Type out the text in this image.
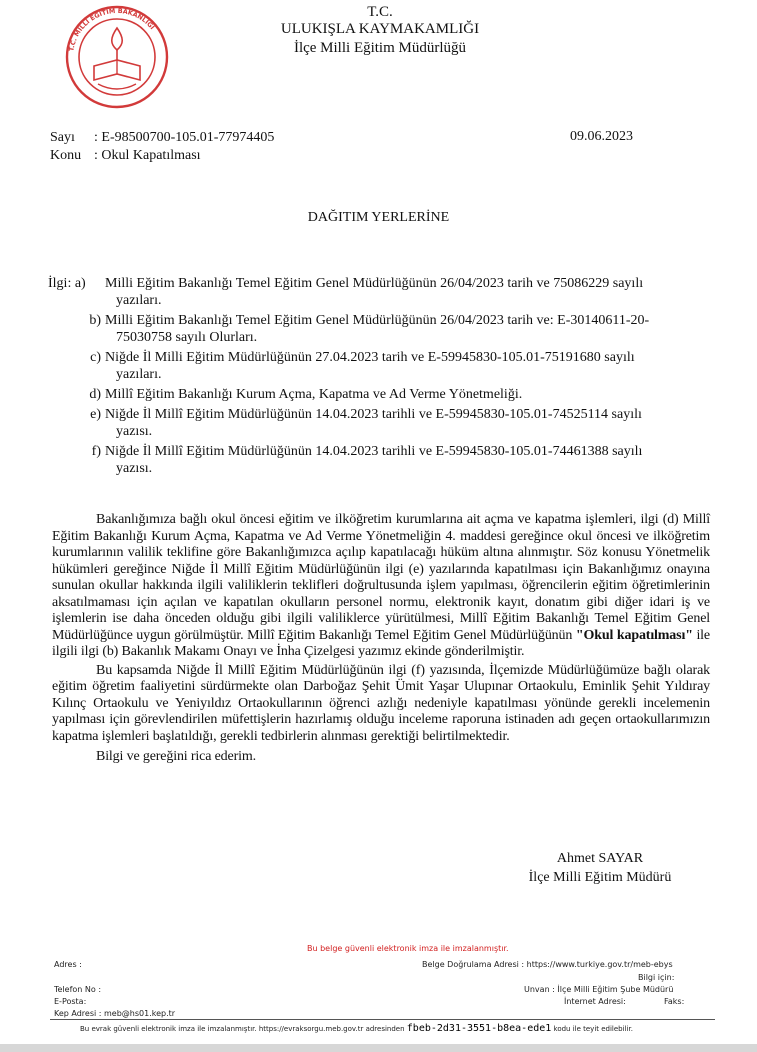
T.C. MİLLÎ EĞİTİM BAKANLIĞI
T.C.
ULUKIŞLA KAYMAKAMLIĞI
İlçe Milli Eğitim Müdürlüğü
Sayı : E-98500700-105.01-77974405
Konu : Okul Kapatılması
09.06.2023
DAĞITIM YERLERİNE
İlgi: a)	Milli Eğitim Bakanlığı Temel Eğitim Genel Müdürlüğünün 26/04/2023 tarih ve 75086229 sayılı
yazıları.
b) Milli Eğitim Bakanlığı Temel Eğitim Genel Müdürlüğünün 26/04/2023 tarih ve: E-30140611-20-
75030758 sayılı Olurları.
c) Niğde İl Milli Eğitim Müdürlüğünün 27.04.2023 tarih ve E-59945830-105.01-75191680 sayılı
yazıları.
d) Millî Eğitim Bakanlığı Kurum Açma, Kapatma ve Ad Verme Yönetmeliği.
e) Niğde İl Millî Eğitim Müdürlüğünün 14.04.2023 tarihli ve E-59945830-105.01-74525114 sayılı
yazısı.
f) Niğde İl Millî Eğitim Müdürlüğünün 14.04.2023 tarihli ve E-59945830-105.01-74461388 sayılı
yazısı.

Bakanlığımıza bağlı okul öncesi eğitim ve ilköğretim kurumlarına ait açma ve kapatma işlemleri, ilgi (d) Millî Eğitim Bakanlığı Kurum Açma, Kapatma ve Ad Verme Yönetmeliğin 4. maddesi gereğince okul öncesi ve ilköğretim kurumlarının valilik teklifine göre Bakanlığımızca açılıp kapatılacağı hüküm altına alınmıştır. Söz konusu Yönetmelik hükümleri gereğince Niğde İl Millî Eğitim Müdürlüğünün ilgi (e) yazılarında kapatılması için Bakanlığımız onayına sunulan okullar hakkında ilgili valiliklerin teklifleri doğrultusunda işlem yapılması, öğrencilerin eğitim öğretimlerinin aksatılmaması için açılan ve kapatılan okulların personel normu, elektronik kayıt, donatım gibi diğer idari iş ve işlemlerin ise daha önceden olduğu gibi ilgili valiliklerce yürütülmesi, Millî Eğitim Bakanlığı Temel Eğitim Genel Müdürlüğünce uygun görülmüştür. Millî Eğitim Bakanlığı Temel Eğitim Genel Müdürlüğünün "Okul kapatılması" ile ilgili ilgi (b) Bakanlık Makamı Onayı ve İnha Çizelgesi yazımız ekinde gönderilmiştir.

Bu kapsamda Niğde İl Millî Eğitim Müdürlüğünün ilgi (f) yazısında, İlçemizde Müdürlüğümüze bağlı olarak eğitim öğretim faaliyetini sürdürmekte olan Darboğaz Şehit Ümit Yaşar Ulupınar Ortaokulu, Eminlik Şehit Yıldıray Kılınç Ortaokulu ve Yeniyıldız Ortaokullarının öğrenci azlığı nedeniyle kapatılması yönünde gerekli incelemenin yapılması için görevlendirilen müfettişlerin hazırlamış olduğu inceleme raporuna istinaden adı geçen ortaokullarımızın kapatma işlemleri başlatıldığı, gerekli tedbirlerin alınması gerektiği belirtilmektedir.

Bilgi ve gereğini rica ederim.

Ahmet SAYAR
İlçe Milli Eğitim Müdürü
Bu belge güvenli elektronik imza ile imzalanmıştır.
Adres :	Belge Doğrulama Adresi : https://www.turkiye.gov.tr/meb-ebys
Bilgi için:
Telefon No :	Unvan : İlçe Milli Eğitim Şube Müdürü
E-Posta:	İnternet Adresi:	Faks:
Kep Adresi : meb@hs01.kep.tr
Bu evrak güvenli elektronik imza ile imzalanmıştır. https://evraksorgu.meb.gov.tr adresinden fbeb-2d31-3551-b8ea-ede1 kodu ile teyit edilebilir.
